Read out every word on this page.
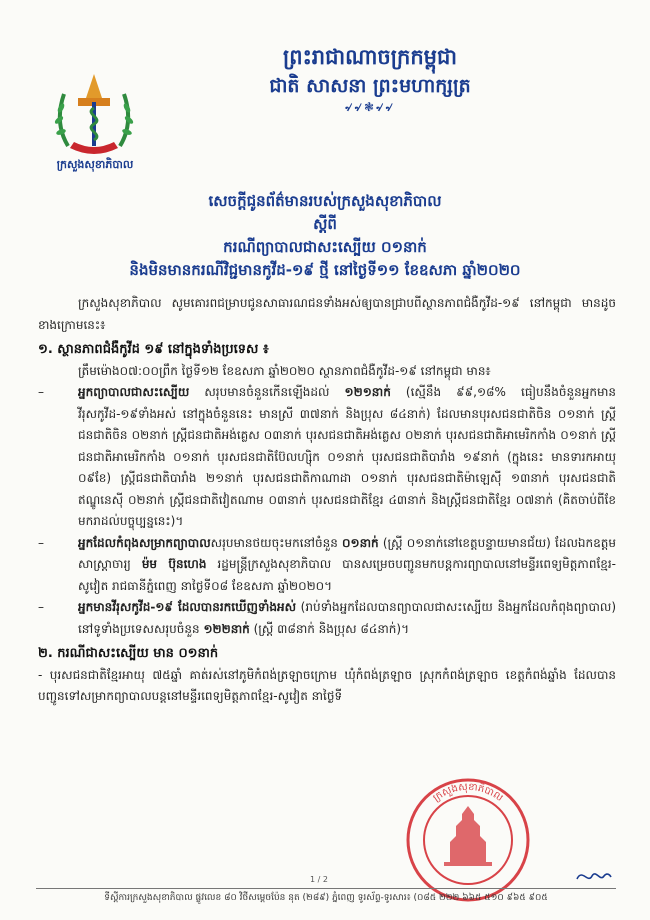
ព្រះរាជាណាចក្រកម្ពុជា
ជាតិ សាសនា ព្រះមហាក្សត្រ
৵৵❃৵৵
ក្រសួងសុខាភិបាល
សេចក្តីជូនព័ត៌មានរបស់ក្រសួងសុខាភិបាល
ស្តីពី
ករណីព្យាបាលជាសះស្បើយ ០១នាក់
និងមិនមានករណីវិជ្ជមានកូវីដ-១៩ ថ្មី នៅថ្ងៃទី១១ ខែឧសភា ឆ្នាំ២០២០

ក្រសួងសុខាភិបាល សូមគោរពជម្រាបជូនសាធារណជនទាំងអស់ឲ្យបានជ្រាបពីស្ថានភាពជំងឺកូវីដ-១៩ នៅកម្ពុជា មានដូចខាងក្រោមនេះ៖

១. ស្ថានភាពជំងឺកូវីដ ១៩ នៅក្នុងទាំងប្រទេស ៖

ត្រឹមម៉ោង០៧:០០ព្រឹក ថ្ងៃទី១២ ខែឧសភា ឆ្នាំ២០២០ ស្ថានភាពជំងឺកូវីដ-១៩ នៅកម្ពុជា មាន៖

–	អ្នកព្យាបាលជាសះស្បើយ សរុបមានចំនួនកើនឡើងដល់ ១២១នាក់ (ស្មើនឹង ៩៩,១៨% ធៀបនឹងចំនួនអ្នកមានវីរុសកូវីដ-១៩ទាំងអស់ នៅក្នុងចំនួននេះ មានស្រី ៣៧នាក់ និងប្រុស ៨៤នាក់) ដែលមានបុរសជនជាតិចិន ០១នាក់ ស្ត្រីជនជាតិចិន ០២នាក់ ស្ត្រីជនជាតិអង់គ្លេស ០៣នាក់ បុរសជនជាតិអង់គ្លេស ០២នាក់ បុរសជនជាតិអាមេរិកកាំង ០១នាក់ ស្ត្រីជនជាតិអាមេរិកកាំង ០១នាក់ បុរសជនជាតិប៊ែលហ្ស៊ិក ០១នាក់ បុរសជនជាតិបារាំង ១៩នាក់ (ក្នុងនេះ មានទារកអាយុ ០៩ខែ) ស្ត្រីជនជាតិបារាំង ២១នាក់ បុរសជនជាតិកាណាដា ០១នាក់ បុរសជនជាតិម៉ាឡេស៊ី ១៣នាក់ បុរសជនជាតិឥណ្ឌូនេស៊ី ០២នាក់ ស្ត្រីជនជាតិវៀតណាម ០៣នាក់ បុរសជនជាតិខ្មែរ ៤៣នាក់ និងស្ត្រីជនជាតិខ្មែរ ០៧នាក់ (គិតចាប់ពីខែមករាដល់បច្ចុប្បន្ននេះ)។

–	អ្នកដែលកំពុងសម្រាកព្យាបាលសរុបមានថយចុះមកនៅចំនួន ០១នាក់ (ស្ត្រី ០១នាក់នៅខេត្តបន្ទាយមានជ័យ) ដែលឯកឧត្តមសាស្ត្រាចារ្យ ម៉ម ប៊ុនហេង រដ្ឋមន្ត្រីក្រសួងសុខាភិបាល បានសម្រេចបញ្ជូនមកបន្តការព្យាបាលនៅមន្ទីរពេទ្យមិត្តភាពខ្មែរ-សូវៀត រាជធានីភ្នំពេញ នាថ្ងៃទី០៨ ខែឧសភា ឆ្នាំ២០២០។

–	អ្នកមានវីរុសកូវីដ-១៩ ដែលបានរកឃើញទាំងអស់ (រាប់ទាំងអ្នកដែលបានព្យាបាលជាសះស្បើយ និងអ្នកដែលកំពុងព្យាបាល) នៅទូទាំងប្រទេសសរុបចំនួន ១២២នាក់ (ស្ត្រី ៣៨នាក់ និងប្រុស ៨៤នាក់)។

២. ករណីជាសះស្បើយ មាន ០១នាក់

- បុរសជនជាតិខ្មែរអាយុ ៧៥ឆ្នាំ គាត់រស់នៅភូមិកំពង់ត្រឡាចក្រោម ឃុំកំពង់ត្រឡាច ស្រុកកំពង់ត្រឡាច ខេត្តកំពង់ឆ្នាំង ដែលបានបញ្ជូនទៅសម្រាកព្យាបាលបន្តនៅមន្ទីរពេទ្យមិត្តភាពខ្មែរ-សូវៀត នាថ្ងៃទី

ក្រសួងសុខាភិបាល
1 / 2
ទីស្តីការក្រសួងសុខាភិបាល ផ្លូវលេខ ៨០ វិថីសម្តេចប៉ែន នុត (២៨៩) ភ្នំពេញ ទូរស័ព្ទ-ទូរសារ៖ (០៨៥ ២២២ ៦៦៥ ៥១០ ៩៦៥ ៩០៥
